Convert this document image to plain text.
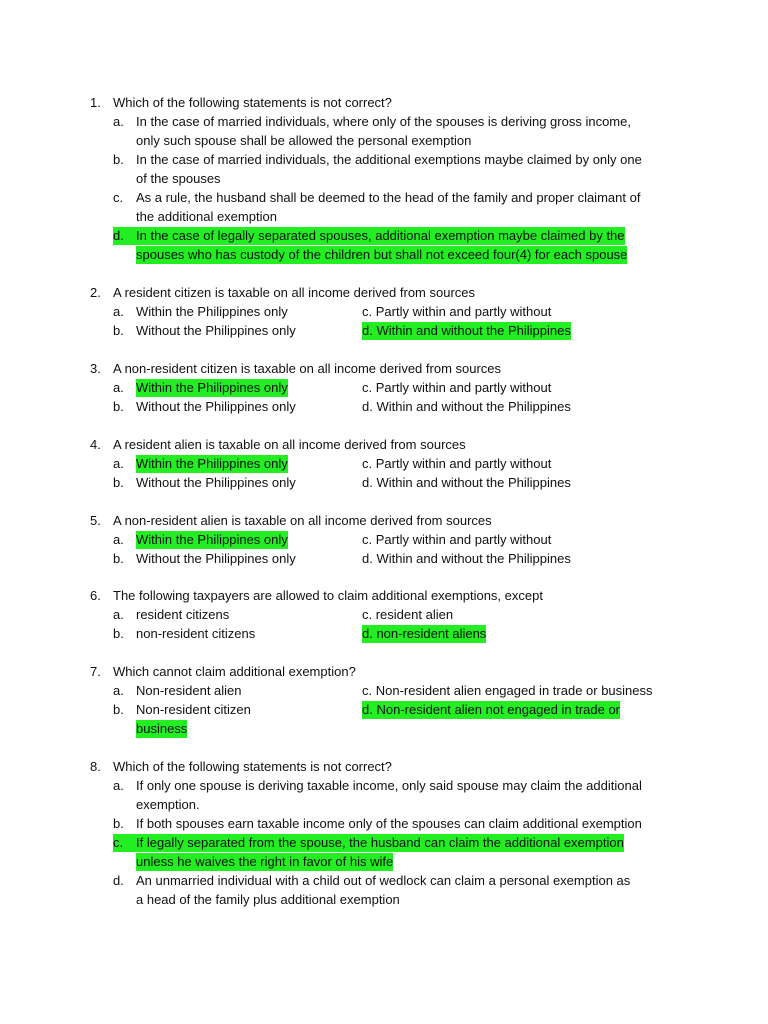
1. Which of the following statements is not correct?
a. In the case of married individuals, where only of the spouses is deriving gross income,
only such spouse shall be allowed the personal exemption
b. In the case of married individuals, the additional exemptions maybe claimed by only one
of the spouses
c. As a rule, the husband shall be deemed to the head of the family and proper claimant of
the additional exemption
d. In the case of legally separated spouses, additional exemption maybe claimed by the
spouses who has custody of the children but shall not exceed four(4) for each spouse
2. A resident citizen is taxable on all income derived from sources
a. Within the Philippines only	c. Partly within and partly without
b. Without the Philippines only	d. Within and without the Philippines
3. A non-resident citizen is taxable on all income derived from sources
a. Within the Philippines only	c. Partly within and partly without
b. Without the Philippines only	d. Within and without the Philippines
4. A resident alien is taxable on all income derived from sources
a. Within the Philippines only	c. Partly within and partly without
b. Without the Philippines only	d. Within and without the Philippines
5. A non-resident alien is taxable on all income derived from sources
a. Within the Philippines only	c. Partly within and partly without
b. Without the Philippines only	d. Within and without the Philippines
6. The following taxpayers are allowed to claim additional exemptions, except
a. resident citizens	c. resident alien
b. non-resident citizens	d. non-resident aliens
7. Which cannot claim additional exemption?
a. Non-resident alien	c. Non-resident alien engaged in trade or business
b. Non-resident citizen	d. Non-resident alien not engaged in trade or
business
8. Which of the following statements is not correct?
a. If only one spouse is deriving taxable income, only said spouse may claim the additional
exemption.
b. If both spouses earn taxable income only of the spouses can claim additional exemption
c. If legally separated from the spouse, the husband can claim the additional exemption
unless he waives the right in favor of his wife
d. An unmarried individual with a child out of wedlock can claim a personal exemption as
a head of the family plus additional exemption
